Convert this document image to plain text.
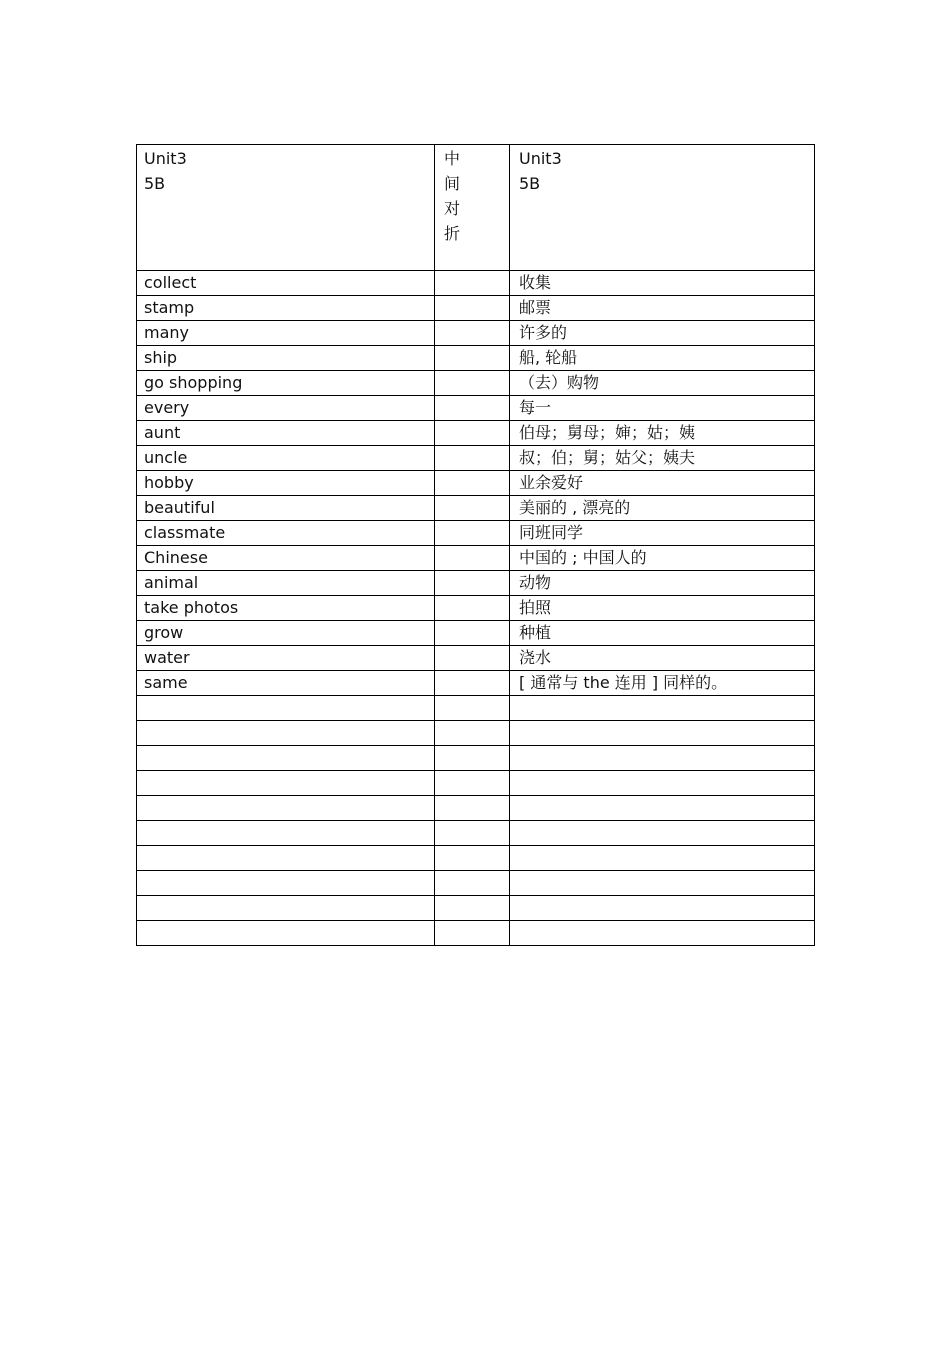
Unit3
5B	中
间
对
折	Unit3
5B

collect		收集
stamp		邮票
many		许多的
ship		船, 轮船
go shopping		（去）购物
every		每一
aunt		伯母；舅母；婶；姑；姨
uncle		叔；伯；舅；姑父；姨夫
hobby		业余爱好
beautiful		美丽的 , 漂亮的
classmate		同班同学
Chinese		中国的 ; 中国人的
animal		动物
take photos		拍照
grow		种植
water		浇水
same		[ 通常与 the 连用 ] 同样的。
